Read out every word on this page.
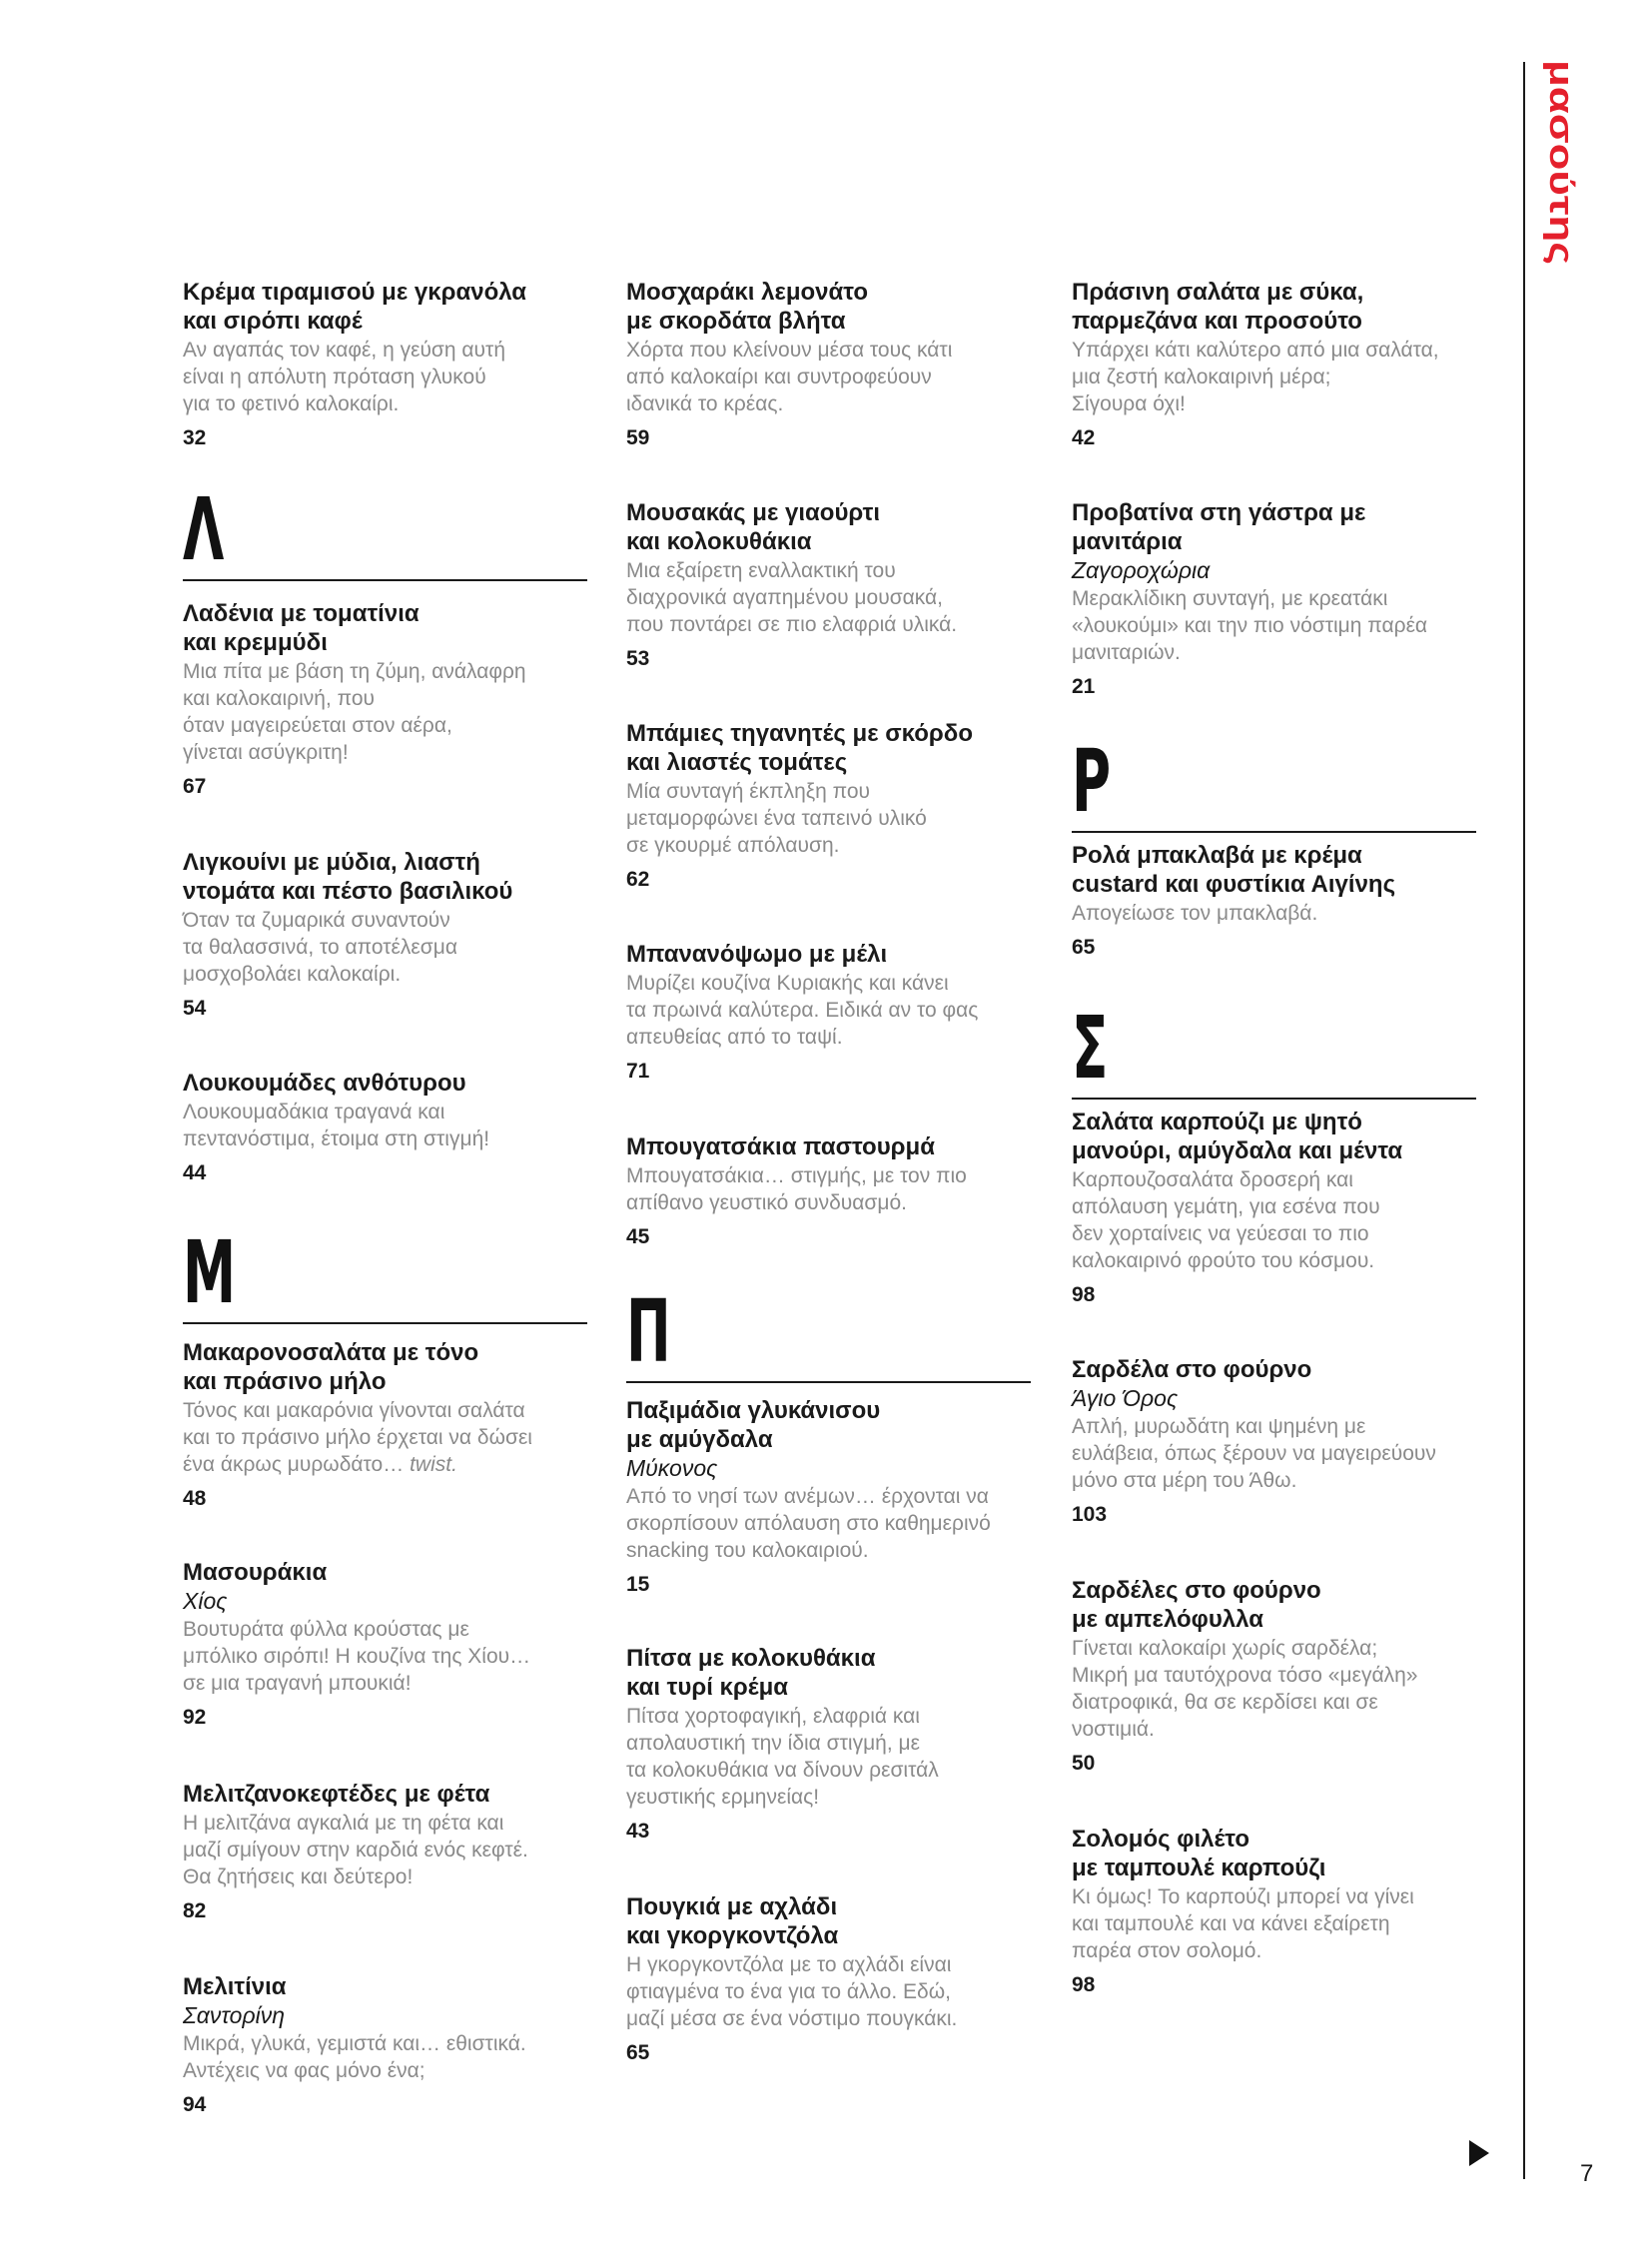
Κρέμα τιραμισού με γκρανόλα
και σιρόπι καφέ
Αν αγαπάς τον καφέ, η γεύση αυτή
είναι η απόλυτη πρόταση γλυκού
για το φετινό καλοκαίρι.
32
Λ
Λαδένια με τοματίνια
και κρεμμύδι
Μια πίτα με βάση τη ζύμη, ανάλαφρη
και καλοκαιρινή, που
όταν μαγειρεύεται στον αέρα,
γίνεται ασύγκριτη!
67
Λιγκουίνι με μύδια, λιαστή
ντομάτα και πέστο βασιλικού
Όταν τα ζυμαρικά συναντούν
τα θαλασσινά, το αποτέλεσμα
μοσχοβολάει καλοκαίρι.
54
Λουκουμάδες ανθότυρου
Λουκουμαδάκια τραγανά και
πεντανόστιμα, έτοιμα στη στιγμή!
44
Μ
Μακαρονοσαλάτα με τόνο
και πράσινο μήλο
Τόνος και μακαρόνια γίνονται σαλάτα
και το πράσινο μήλο έρχεται να δώσει
ένα άκρως μυρωδάτο… twist.
48
Μασουράκια
Χίος
Βουτυράτα φύλλα κρούστας με
μπόλικο σιρόπι! Η κουζίνα της Χίου…
σε μια τραγανή μπουκιά!
92
Μελιτζανοκεφτέδες με φέτα
Η μελιτζάνα αγκαλιά με τη φέτα και
μαζί σμίγουν στην καρδιά ενός κεφτέ.
Θα ζητήσεις και δεύτερο!
82
Μελιτίνια
Σαντορίνη
Μικρά, γλυκά, γεμιστά και… εθιστικά.
Αντέχεις να φας μόνο ένα;
94
Μοσχαράκι λεμονάτο
με σκορδάτα βλήτα
Χόρτα που κλείνουν μέσα τους κάτι
από καλοκαίρι και συντροφεύουν
ιδανικά το κρέας.
59
Μουσακάς με γιαούρτι
και κολοκυθάκια
Μια εξαίρετη εναλλακτική του
διαχρονικά αγαπημένου μουσακά,
που ποντάρει σε πιο ελαφριά υλικά.
53
Μπάμιες τηγανητές με σκόρδο
και λιαστές τομάτες
Μία συνταγή έκπληξη που
μεταμορφώνει ένα ταπεινό υλικό
σε γκουρμέ απόλαυση.
62
Μπανανόψωμο με μέλι
Μυρίζει κουζίνα Κυριακής και κάνει
τα πρωινά καλύτερα. Ειδικά αν το φας
απευθείας από το ταψί.
71
Μπουγατσάκια παστουρμά
Μπουγατσάκια… στιγμής, με τον πιο
απίθανο γευστικό συνδυασμό.
45
Π
Παξιμάδια γλυκάνισου
με αμύγδαλα
Μύκονος
Από το νησί των ανέμων… έρχονται να
σκορπίσουν απόλαυση στο καθημερινό
snacking του καλοκαιριού.
15
Πίτσα με κολοκυθάκια
και τυρί κρέμα
Πίτσα χορτοφαγική, ελαφριά και
απολαυστική την ίδια στιγμή, με
τα κολοκυθάκια να δίνουν ρεσιτάλ
γευστικής ερμηνείας!
43
Πουγκιά με αχλάδι
και γκοργκοντζόλα
Η γκοργκοντζόλα με το αχλάδι είναι
φτιαγμένα το ένα για το άλλο. Εδώ,
μαζί μέσα σε ένα νόστιμο πουγκάκι.
65
Πράσινη σαλάτα με σύκα,
παρμεζάνα και προσούτο
Υπάρχει κάτι καλύτερο από μια σαλάτα,
μια ζεστή καλοκαιρινή μέρα;
Σίγουρα όχι!
42
Προβατίνα στη γάστρα με
μανιτάρια
Ζαγοροχώρια
Μερακλίδικη συνταγή, με κρεατάκι
«λουκούμι» και την πιο νόστιμη παρέα
μανιταριών.
21
Ρ
Ρολά μπακλαβά με κρέμα
custard και φυστίκια Αιγίνης
Απογείωσε τον μπακλαβά.
65
Σ
Σαλάτα καρπούζι με ψητό
μανούρι, αμύγδαλα και μέντα
Καρπουζοσαλάτα δροσερή και
απόλαυση γεμάτη, για εσένα που
δεν χορταίνεις να γεύεσαι το πιο
καλοκαιρινό φρούτο του κόσμου.
98
Σαρδέλα στο φούρνο
Άγιο Όρος
Απλή, μυρωδάτη και ψημένη με
ευλάβεια, όπως ξέρουν να μαγειρεύουν
μόνο στα μέρη του Άθω.
103
Σαρδέλες στο φούρνο
με αμπελόφυλλα
Γίνεται καλοκαίρι χωρίς σαρδέλα;
Μικρή μα ταυτόχρονα τόσο «μεγάλη»
διατροφικά, θα σε κερδίσει και σε
νοστιμιά.
50
Σολομός φιλέτο
με ταμπουλέ καρπούζι
Κι όμως! Το καρπούζι μπορεί να γίνει
και ταμπουλέ και να κάνει εξαίρετη
παρέα στον σολομό.
98
μασούτης
7
